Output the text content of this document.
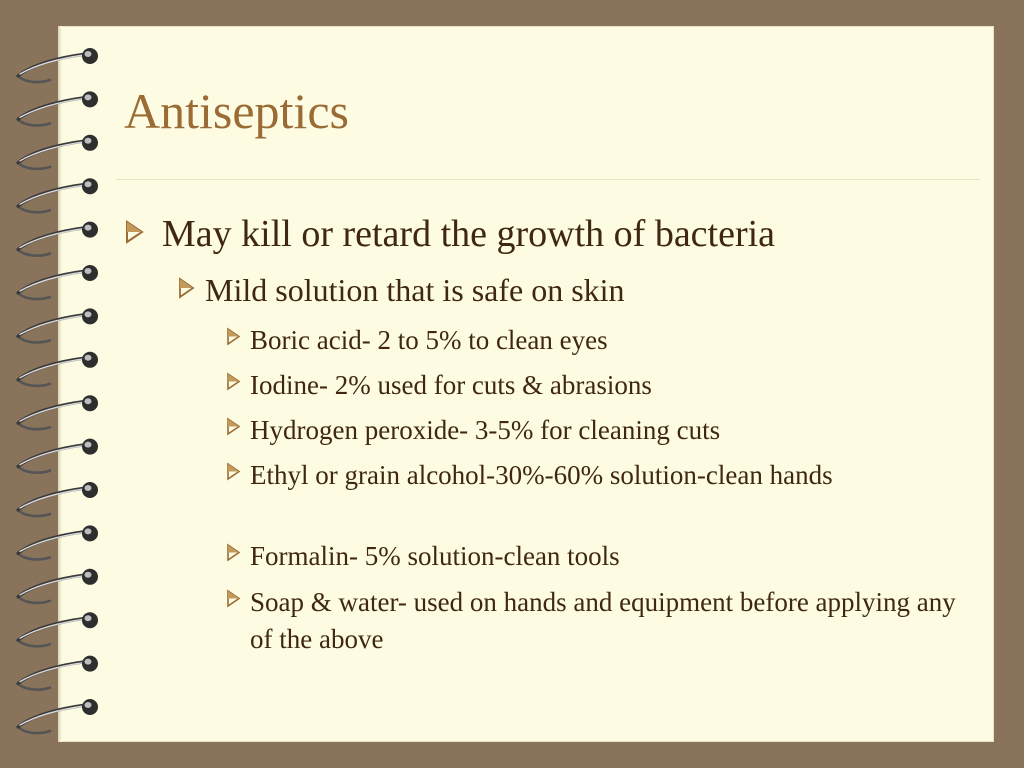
Antiseptics
May kill or retard the growth of bacteria
Mild solution that is safe on skin
Boric acid- 2 to 5% to clean eyes
Iodine- 2% used for cuts & abrasions
Hydrogen peroxide- 3-5% for cleaning cuts
Ethyl or grain alcohol-30%-60% solution-clean hands
Formalin- 5% solution-clean tools
Soap & water- used on hands and equipment before applying any of the above
